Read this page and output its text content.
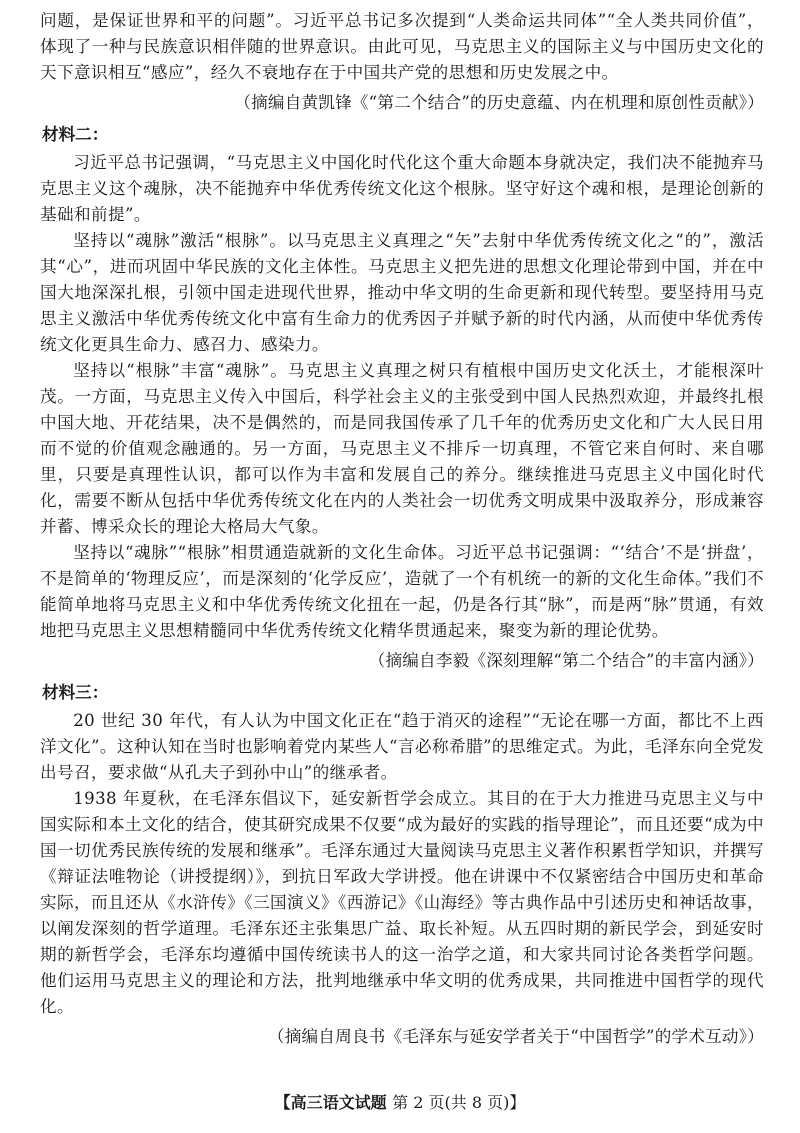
问题，是保证世界和平的问题”。习近平总书记多次提到“人类命运共同体”“全人类共同价值”，体现了一种与民族意识相伴随的世界意识。由此可见，马克思主义的国际主义与中国历史文化的天下意识相互“感应”，经久不衰地存在于中国共产党的思想和历史发展之中。

（摘编自黄凯锋《“第二个结合”的历史意蕴、内在机理和原创性贡献》）

材料二：

习近平总书记强调，“马克思主义中国化时代化这个重大命题本身就决定，我们决不能抛弃马克思主义这个魂脉，决不能抛弃中华优秀传统文化这个根脉。坚守好这个魂和根，是理论创新的基础和前提”。

坚持以“魂脉”激活“根脉”。以马克思主义真理之“矢”去射中华优秀传统文化之“的”，激活其“心”，进而巩固中华民族的文化主体性。马克思主义把先进的思想文化理论带到中国，并在中国大地深深扎根，引领中国走进现代世界，推动中华文明的生命更新和现代转型。要坚持用马克思主义激活中华优秀传统文化中富有生命力的优秀因子并赋予新的时代内涵，从而使中华优秀传统文化更具生命力、感召力、感染力。

坚持以“根脉”丰富“魂脉”。马克思主义真理之树只有植根中国历史文化沃土，才能根深叶茂。一方面，马克思主义传入中国后，科学社会主义的主张受到中国人民热烈欢迎，并最终扎根中国大地、开花结果，决不是偶然的，而是同我国传承了几千年的优秀历史文化和广大人民日用而不觉的价值观念融通的。另一方面，马克思主义不排斥一切真理，不管它来自何时、来自哪里，只要是真理性认识，都可以作为丰富和发展自己的养分。继续推进马克思主义中国化时代化，需要不断从包括中华优秀传统文化在内的人类社会一切优秀文明成果中汲取养分，形成兼容并蓄、博采众长的理论大格局大气象。

坚持以“魂脉”“根脉”相贯通造就新的文化生命体。习近平总书记强调：“‘结合’不是‘拼盘’，不是简单的‘物理反应’，而是深刻的‘化学反应’，造就了一个有机统一的新的文化生命体。”我们不能简单地将马克思主义和中华优秀传统文化扭在一起，仍是各行其“脉”，而是两“脉”贯通，有效地把马克思主义思想精髓同中华优秀传统文化精华贯通起来，聚变为新的理论优势。

（摘编自李毅《深刻理解“第二个结合”的丰富内涵》）

材料三：

20 世纪 30 年代，有人认为中国文化正在“趋于消灭的途程”“无论在哪一方面，都比不上西洋文化”。这种认知在当时也影响着党内某些人“言必称希腊”的思维定式。为此，毛泽东向全党发出号召，要求做“从孔夫子到孙中山”的继承者。

1938 年夏秋，在毛泽东倡议下，延安新哲学会成立。其目的在于大力推进马克思主义与中国实际和本土文化的结合，使其研究成果不仅要“成为最好的实践的指导理论”，而且还要“成为中国一切优秀民族传统的发展和继承”。毛泽东通过大量阅读马克思主义著作积累哲学知识，并撰写《辩证法唯物论（讲授提纲）》，到抗日军政大学讲授。他在讲课中不仅紧密结合中国历史和革命实际，而且还从《水浒传》《三国演义》《西游记》《山海经》等古典作品中引述历史和神话故事，以阐发深刻的哲学道理。毛泽东还主张集思广益、取长补短。从五四时期的新民学会，到延安时期的新哲学会，毛泽东均遵循中国传统读书人的这一治学之道，和大家共同讨论各类哲学问题。他们运用马克思主义的理论和方法，批判地继承中华文明的优秀成果，共同推进中国哲学的现代化。

（摘编自周良书《毛泽东与延安学者关于“中国哲学”的学术互动》）

【高三语文试题 第 2 页(共 8 页)】
